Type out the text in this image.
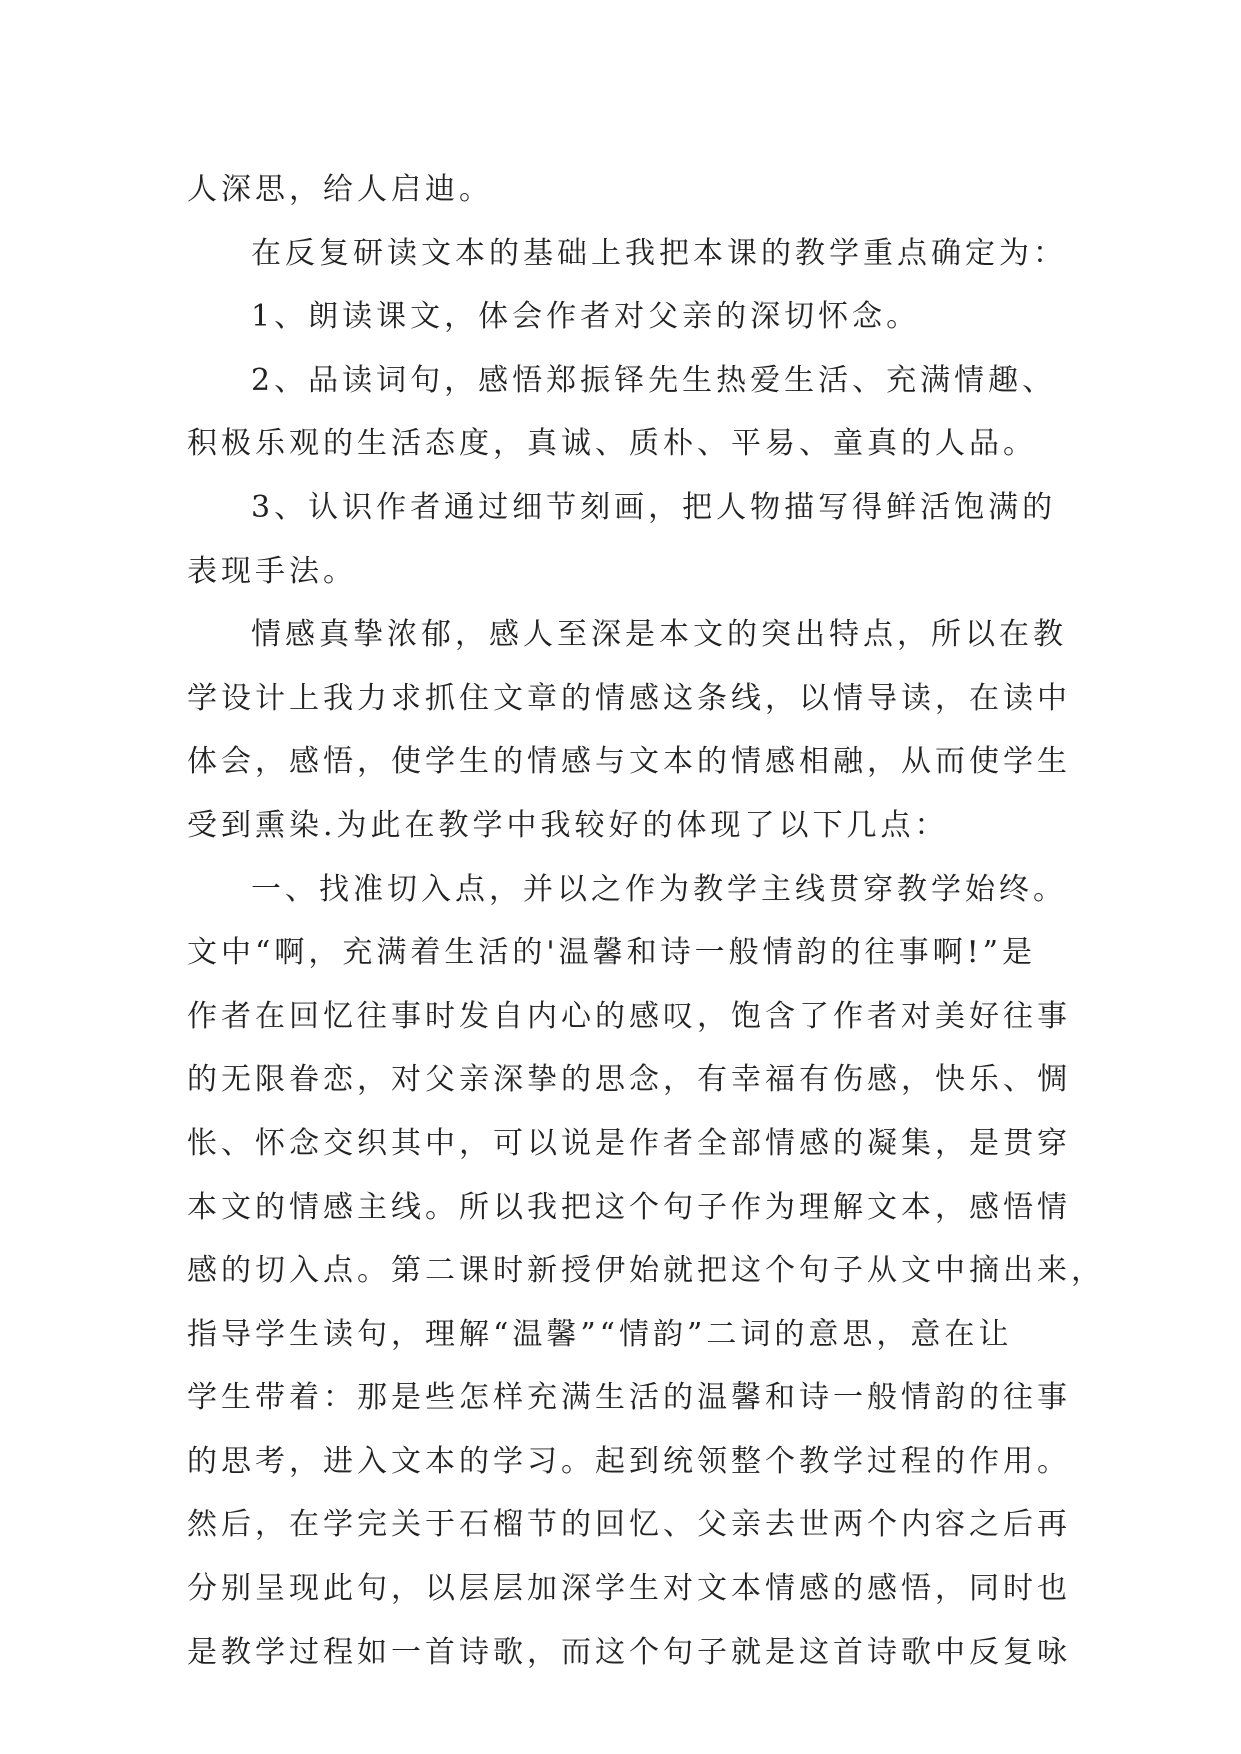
人深思，给人启迪。
在反复研读文本的基础上我把本课的教学重点确定为：
1、朗读课文，体会作者对父亲的深切怀念。
2、品读词句，感悟郑振铎先生热爱生活、充满情趣、
积极乐观的生活态度，真诚、质朴、平易、童真的人品。
3、认识作者通过细节刻画，把人物描写得鲜活饱满的
表现手法。
情感真挚浓郁，感人至深是本文的突出特点，所以在教
学设计上我力求抓住文章的情感这条线，以情导读，在读中
体会，感悟，使学生的情感与文本的情感相融，从而使学生
受到熏染.为此在教学中我较好的体现了以下几点：
一、找准切入点，并以之作为教学主线贯穿教学始终。
文中“啊，充满着生活的'温馨和诗一般情韵的往事啊!”是
作者在回忆往事时发自内心的感叹，饱含了作者对美好往事
的无限眷恋，对父亲深挚的思念，有幸福有伤感，快乐、惆
怅、怀念交织其中，可以说是作者全部情感的凝集，是贯穿
本文的情感主线。所以我把这个句子作为理解文本，感悟情
感的切入点。第二课时新授伊始就把这个句子从文中摘出来，
指导学生读句，理解“温馨”“情韵”二词的意思，意在让
学生带着：那是些怎样充满生活的温馨和诗一般情韵的往事
的思考，进入文本的学习。起到统领整个教学过程的作用。
然后，在学完关于石榴节的回忆、父亲去世两个内容之后再
分别呈现此句，以层层加深学生对文本情感的感悟，同时也
是教学过程如一首诗歌，而这个句子就是这首诗歌中反复咏
